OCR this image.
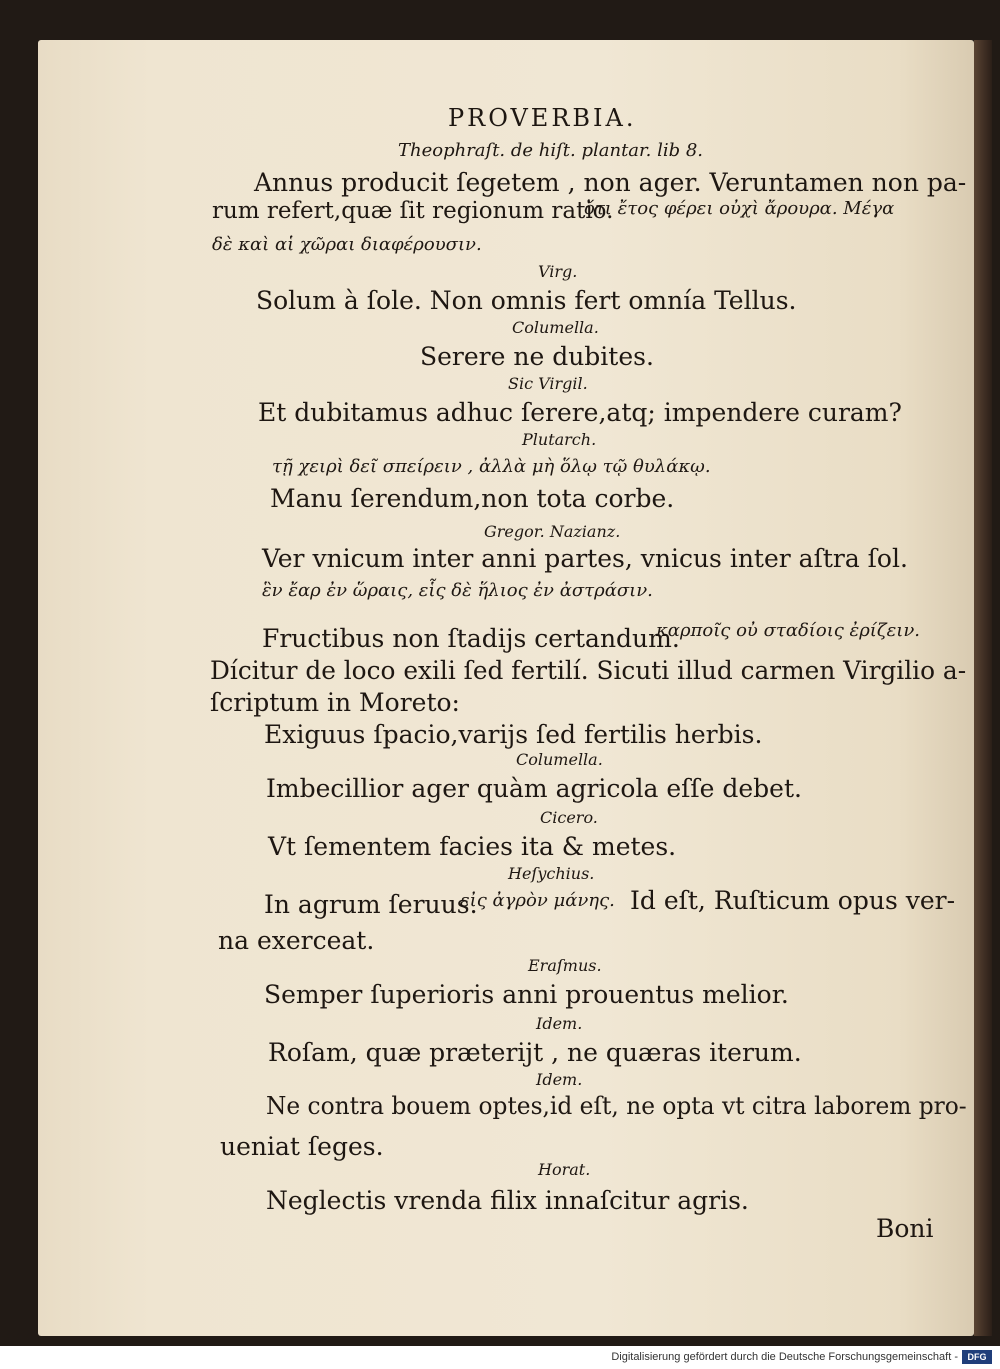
PROVERBIA.
Theophraſt. de hiſt. plantar. lib 8.
Annus producit ſegetem , non ager. Veruntamen non pa-
rum refert,quæ ſit regionum ratio.
ὅτι ἔτος φέρει οὐχὶ ἄρουρα. Μέγα
δὲ καὶ αἱ χῶραι διαφέρουσιν.
Virg.
Solum à ſole. Non omnis fert omnía Tellus.
Columella.
Serere ne dubites.
Sic Virgil.
Et dubitamus adhuc ſerere,atq; impendere curam?
Plutarch.
τῇ χειρὶ δεῖ σπείρειν , ἀλλὰ μὴ ὅλῳ τῷ θυλάκῳ.
Manu ſerendum,non tota corbe.
Gregor. Nazianz.
Ver vnicum inter anni partes, vnicus inter aſtra ſol.
ἓν ἔαρ ἐν ὥραις, εἷς δὲ ἥλιος ἐν ἀστράσιν.
Fructibus non ſtadijs certandum.
καρποῖς οὐ σταδίοις ἐρίζειν.
Dícitur de loco exili ſed fertilí. Sicuti illud carmen Virgilio a-
ſcriptum in Moreto:
Exiguus ſpacio,varijs ſed fertilis herbis.
Columella.
Imbecillior ager quàm agricola eſſe debet.
Cicero.
Vt ſementem facies ita & metes.
Heſychius.
In agrum ſeruus.
εἰς ἀγρὸν μάνης. Id eſt, Ruſticum opus ver-
na exerceat.
Eraſmus.
Semper ſuperioris anni prouentus melior.
Idem.
Roſam, quæ præterijt , ne quæras iterum.
Idem.
Ne contra bouem optes,id eſt, ne opta vt citra laborem pro-
ueniat ſeges.
Horat.
Neglectis vrenda filix innaſcitur agris.
Boni
Digitalisierung gefördert durch die Deutsche Forschungsgemeinschaft -	DFG
